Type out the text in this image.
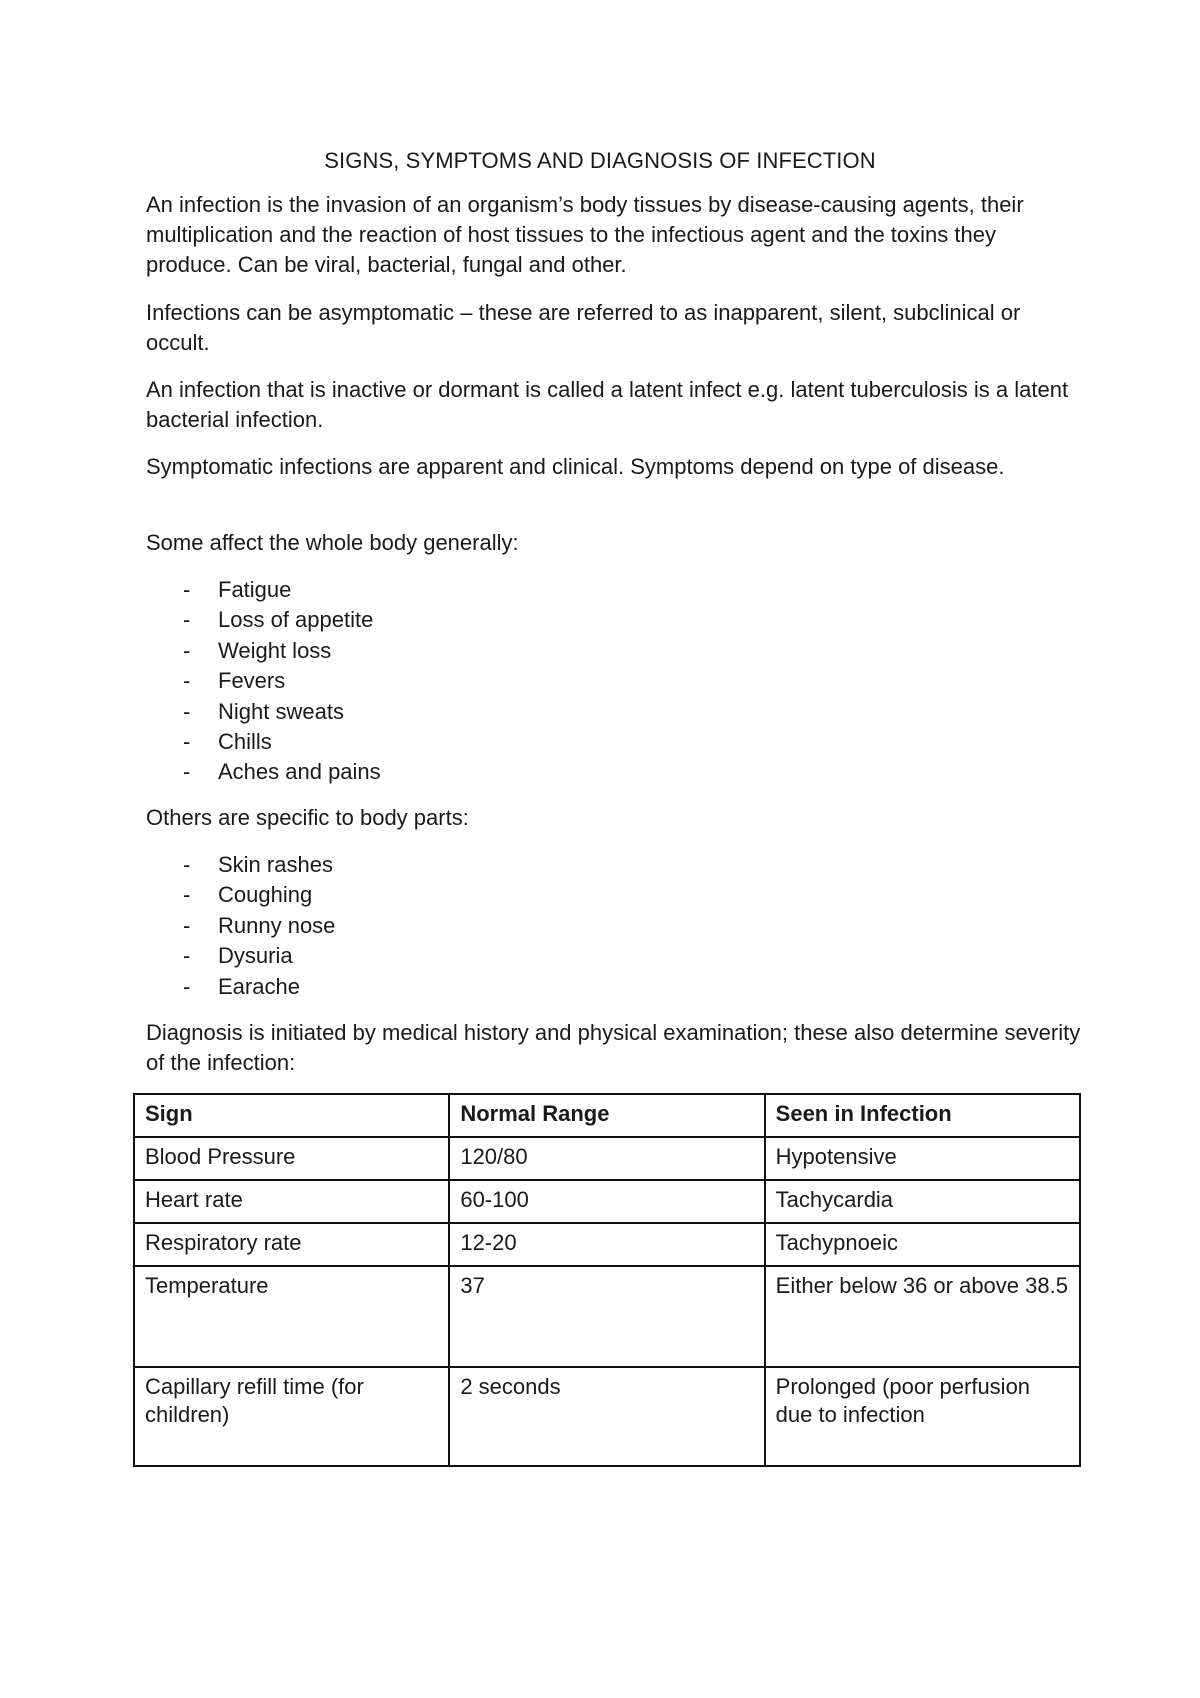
SIGNS, SYMPTOMS AND DIAGNOSIS OF INFECTION

An infection is the invasion of an organism’s body tissues by disease-causing agents, their multiplication and the reaction of host tissues to the infectious agent and the toxins they produce. Can be viral, bacterial, fungal and other.

Infections can be asymptomatic – these are referred to as inapparent, silent, subclinical or occult.

An infection that is inactive or dormant is called a latent infect e.g. latent tuberculosis is a latent bacterial infection.

Symptomatic infections are apparent and clinical. Symptoms depend on type of disease.

Some affect the whole body generally:

- Fatigue
- Loss of appetite
- Weight loss
- Fevers
- Night sweats
- Chills
- Aches and pains

Others are specific to body parts:

- Skin rashes
- Coughing
- Runny nose
- Dysuria
- Earache

Diagnosis is initiated by medical history and physical examination; these also determine severity of the infection:

Sign	Normal Range	Seen in Infection
Blood Pressure	120/80	Hypotensive
Heart rate	60-100	Tachycardia
Respiratory rate	12-20	Tachypnoeic
Temperature	37	Either below 36 or above 38.5
Capillary refill time (for children)	2 seconds	Prolonged (poor perfusion due to infection
